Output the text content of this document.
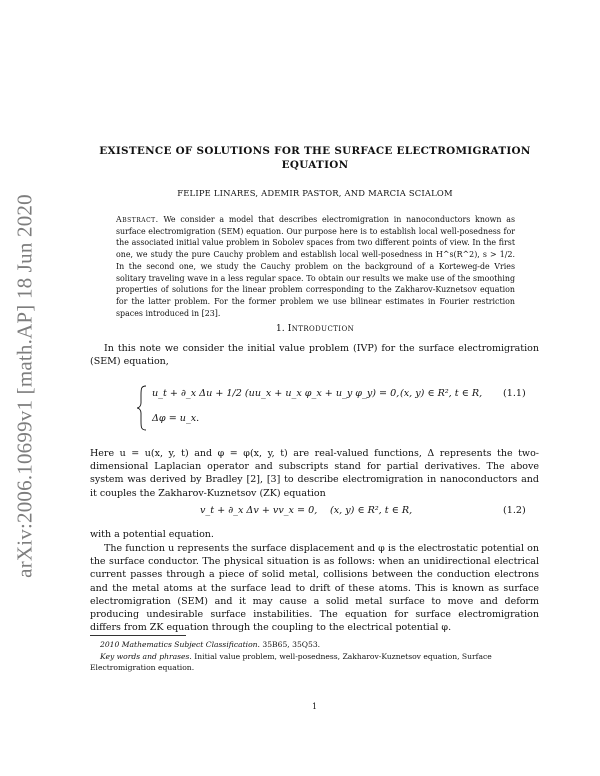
arXiv:2006.10699v1 [math.AP] 18 Jun 2020
EXISTENCE OF SOLUTIONS FOR THE SURFACE ELECTROMIGRATION
EQUATION
FELIPE LINARES, ADEMIR PASTOR, AND MARCIA SCIALOM
Abstract. We consider a model that describes electromigration in nanoconductors known as surface electromigration (SEM) equation. Our purpose here is to establish local well-posedness for the associated initial value problem in Sobolev spaces from two different points of view. In the first one, we study the pure Cauchy problem and establish local well-posedness in H^s(R^2), s > 1/2. In the second one, we study the Cauchy problem on the background of a Korteweg-de Vries solitary traveling wave in a less regular space. To obtain our results we make use of the smoothing properties of solutions for the linear problem corresponding to the Zakharov-Kuznetsov equation for the latter problem. For the former problem we use bilinear estimates in Fourier restriction spaces introduced in [23].
1. Introduction
In this note we consider the initial value problem (IVP) for the surface electromigration (SEM) equation,
u_t + ∂_x Δu + 1/2 (uu_x + u_x φ_x + u_y φ_y) = 0,
Δφ = u_x.
(x, y) ∈ R², t ∈ R, (1.1)
Here u = u(x, y, t) and φ = φ(x, y, t) are real-valued functions, Δ represents the two-dimensional Laplacian operator and subscripts stand for partial derivatives. The above system was derived by Bradley [2], [3] to describe electromigration in nanoconductors and it couples the Zakharov-Kuznetsov (ZK) equation
v_t + ∂_x Δv + vv_x = 0, (x, y) ∈ R², t ∈ R,	(1.2)
with a potential equation.
The function u represents the surface displacement and φ is the electrostatic potential on the surface conductor. The physical situation is as follows: when an unidirectional electrical current passes through a piece of solid metal, collisions between the conduction electrons and the metal atoms at the surface lead to drift of these atoms. This is known as surface electromigration (SEM) and it may cause a solid metal surface to move and deform producing undesirable surface instabilities. The equation for surface electromigration differs from ZK equation through the coupling to the electrical potential φ.
2010 Mathematics Subject Classification. 35B65, 35Q53.
Key words and phrases. Initial value problem, well-posedness, Zakharov-Kuznetsov equation, Surface Electromigration equation.
1
